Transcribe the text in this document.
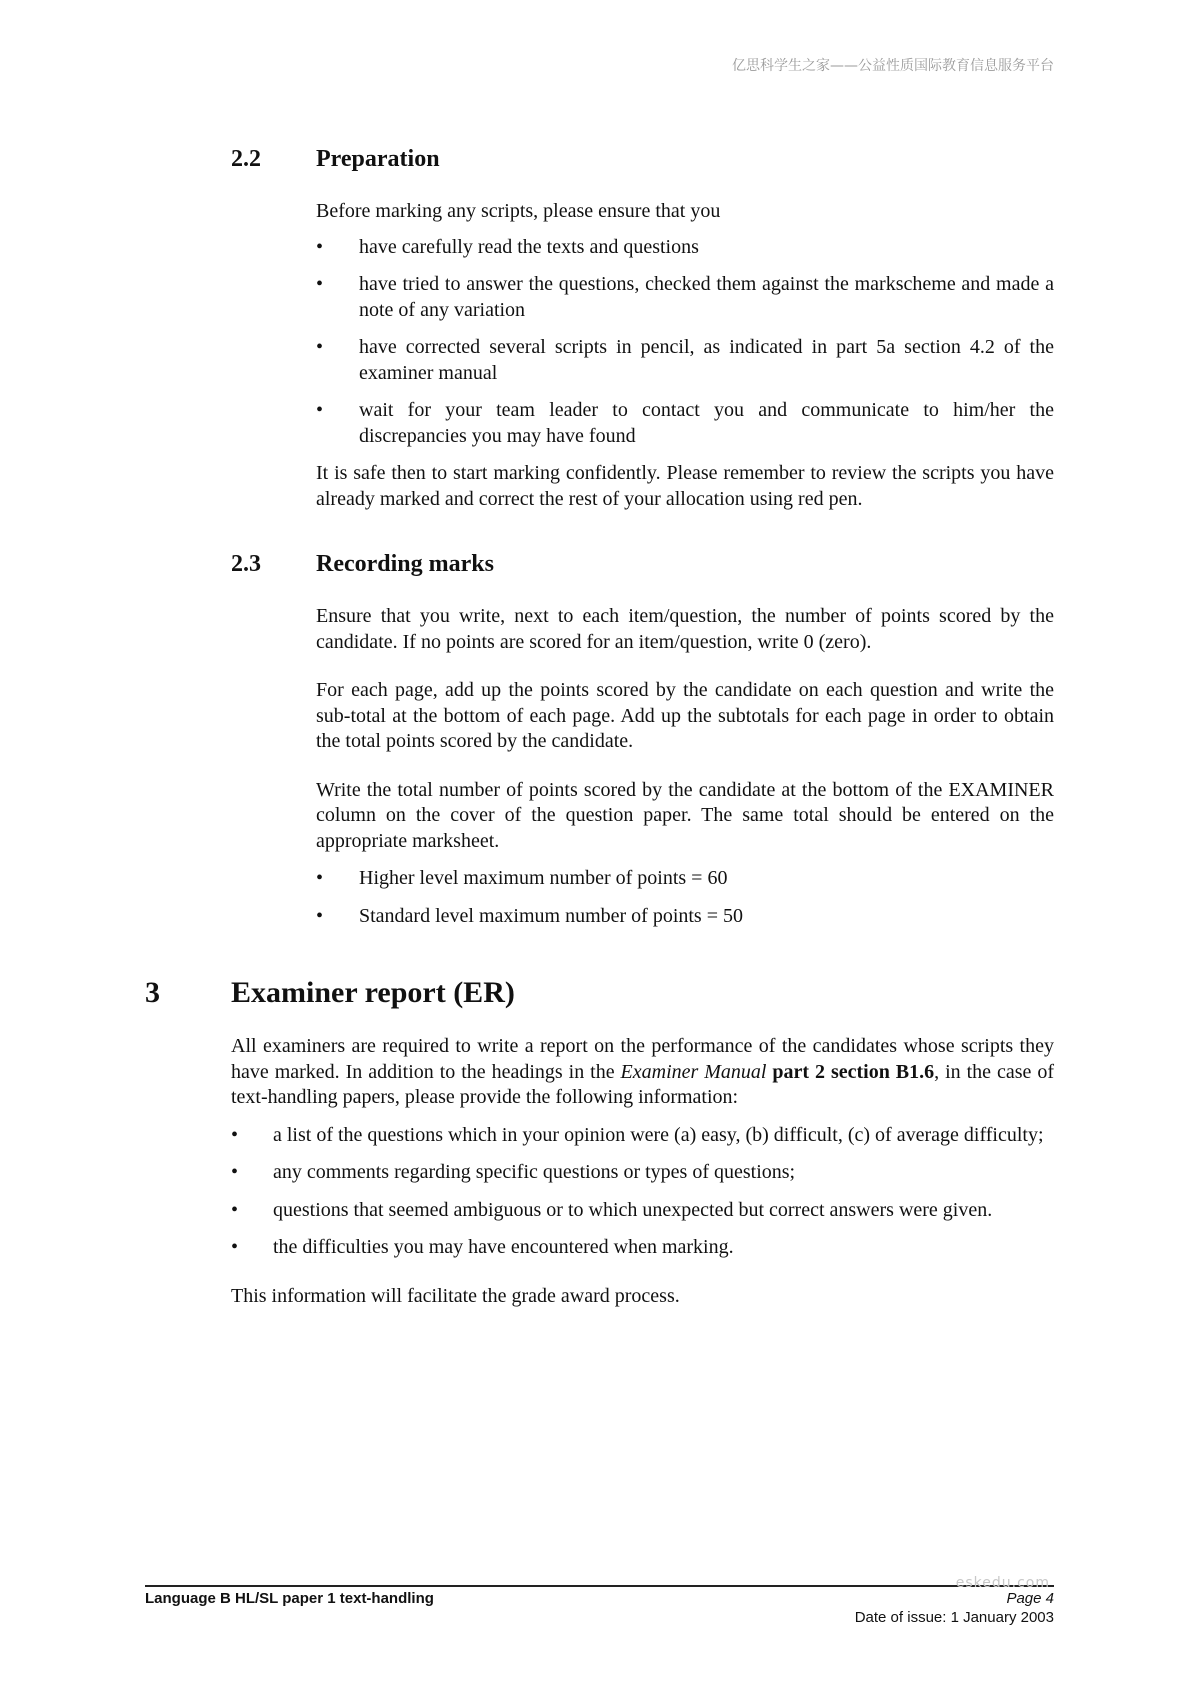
亿思科学生之家——公益性质国际教育信息服务平台
2.2 Preparation

Before marking any scripts, please ensure that you

• have carefully read the texts and questions
• have tried to answer the questions, checked them against the markscheme and made a note of any variation
• have corrected several scripts in pencil, as indicated in part 5a section 4.2 of the examiner manual
• wait for your team leader to contact you and communicate to him/her the discrepancies you may have found

It is safe then to start marking confidently. Please remember to review the scripts you have already marked and correct the rest of your allocation using red pen.

2.3 Recording marks

Ensure that you write, next to each item/question, the number of points scored by the candidate. If no points are scored for an item/question, write 0 (zero).

For each page, add up the points scored by the candidate on each question and write the sub-total at the bottom of each page. Add up the subtotals for each page in order to obtain the total points scored by the candidate.

Write the total number of points scored by the candidate at the bottom of the EXAMINER column on the cover of the question paper. The same total should be entered on the appropriate marksheet.

• Higher level maximum number of points = 60
• Standard level maximum number of points = 50
3 Examiner report (ER)

All examiners are required to write a report on the performance of the candidates whose scripts they have marked. In addition to the headings in the Examiner Manual part 2 section B1.6, in the case of text-handling papers, please provide the following information:

• a list of the questions which in your opinion were (a) easy, (b) difficult, (c) of average difficulty;
• any comments regarding specific questions or types of questions;
• questions that seemed ambiguous or to which unexpected but correct answers were given.
• the difficulties you may have encountered when marking.

This information will facilitate the grade award process.

eskedu.com
Language B HL/SL paper 1 text-handling	Page 4
Date of issue: 1 January 2003
